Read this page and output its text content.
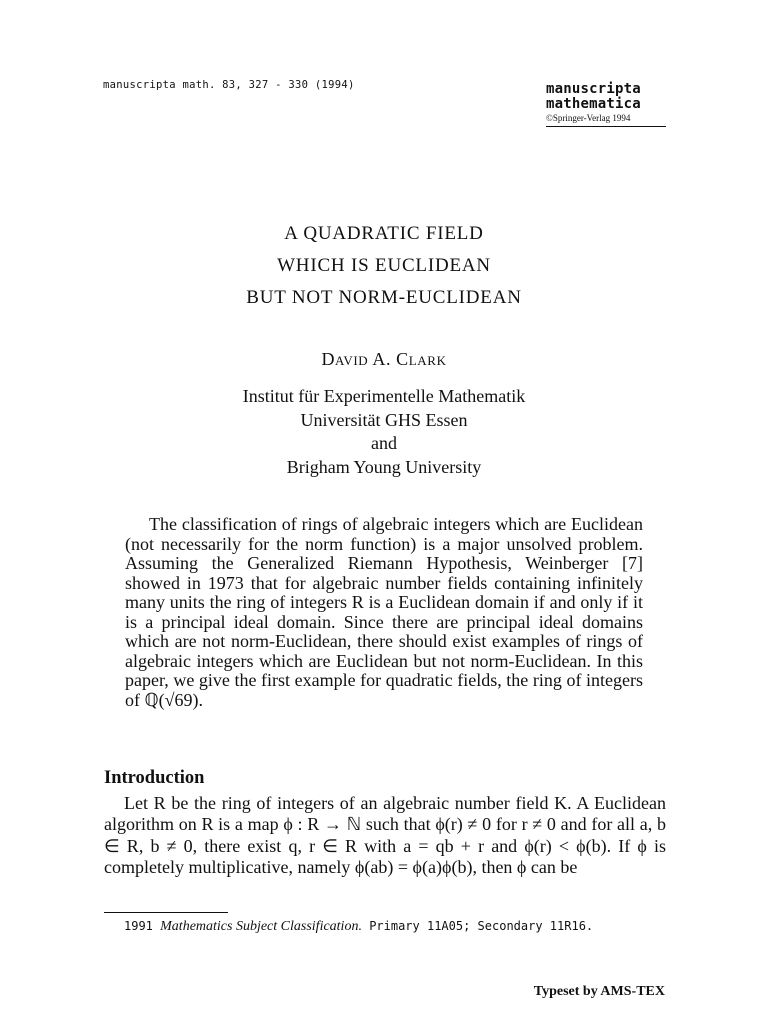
manuscripta math. 83, 327 - 330 (1994)	manuscripta
mathematica
©Springer-Verlag 1994
A QUADRATIC FIELD
WHICH IS EUCLIDEAN
BUT NOT NORM-EUCLIDEAN
David A. Clark
Institut für Experimentelle Mathematik
Universität GHS Essen
and
Brigham Young University

The classification of rings of algebraic integers which are Euclidean (not necessarily for the norm function) is a major unsolved problem. Assuming the Generalized Riemann Hypothesis, Weinberger [7] showed in 1973 that for algebraic number fields containing infinitely many units the ring of integers R is a Euclidean domain if and only if it is a principal ideal domain. Since there are principal ideal domains which are not norm-Euclidean, there should exist examples of rings of algebraic integers which are Euclidean but not norm-Euclidean. In this paper, we give the first example for quadratic fields, the ring of integers of ℚ(√69).

Introduction

Let R be the ring of integers of an algebraic number field K. A Euclidean algorithm on R is a map ϕ : R → ℕ such that ϕ(r) ≠ 0 for r ≠ 0 and for all a, b ∈ R, b ≠ 0, there exist q, r ∈ R with a = qb + r and ϕ(r) < ϕ(b). If ϕ is completely multiplicative, namely ϕ(ab) = ϕ(a)ϕ(b), then ϕ can be

1991 Mathematics Subject Classification. Primary 11A05; Secondary 11R16.
Typeset by AMS-TEX
